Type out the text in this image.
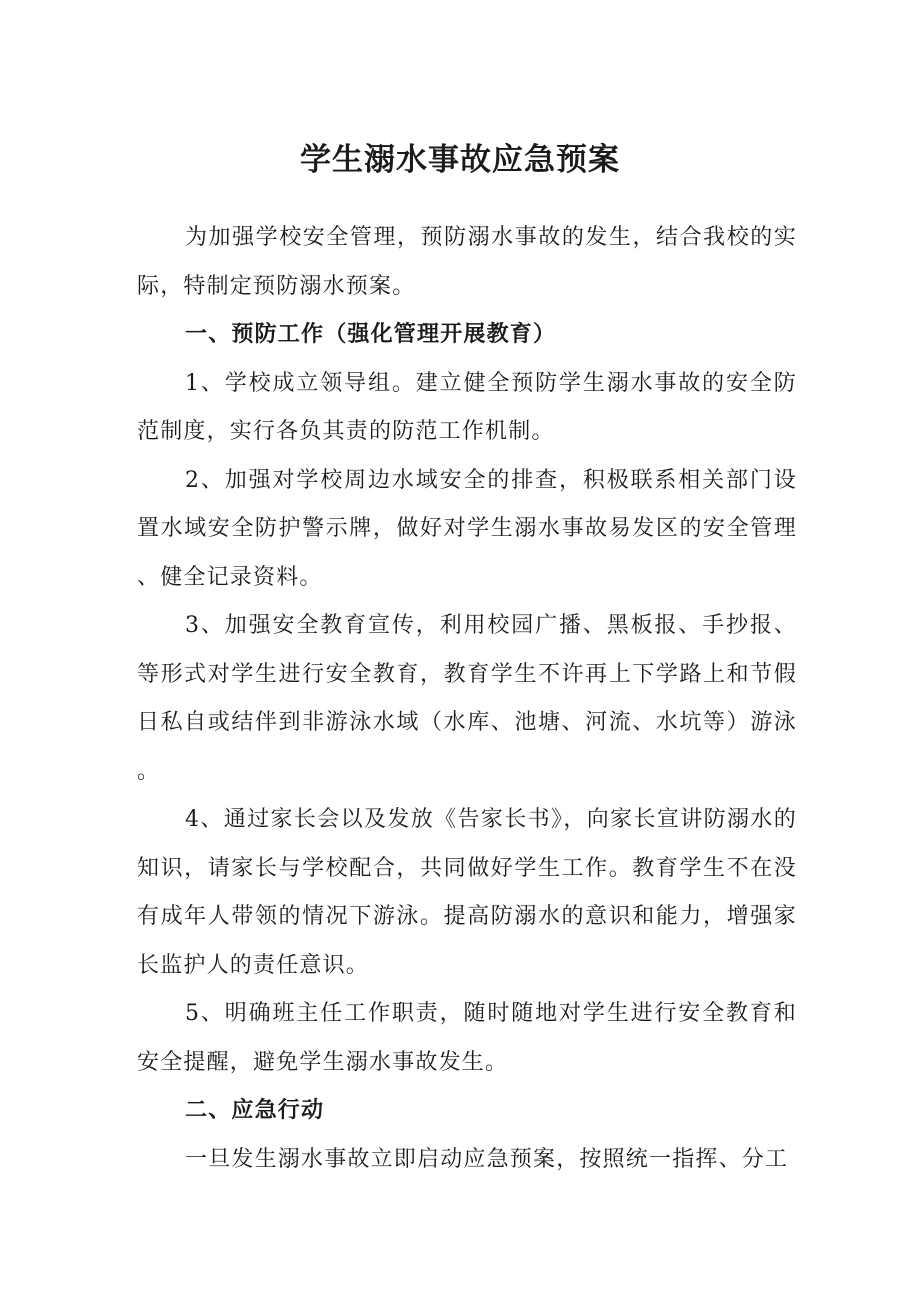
学生溺水事故应急预案

为加强学校安全管理，预防溺水事故的发生，结合我校的实际，特制定预防溺水预案。

一、预防工作（强化管理开展教育）

1、学校成立领导组。建立健全预防学生溺水事故的安全防范制度，实行各负其责的防范工作机制。

2、加强对学校周边水域安全的排查，积极联系相关部门设置水域安全防护警示牌，做好对学生溺水事故易发区的安全管理、健全记录资料。

3、加强安全教育宣传，利用校园广播、黑板报、手抄报、等形式对学生进行安全教育，教育学生不许再上下学路上和节假日私自或结伴到非游泳水域（水库、池塘、河流、水坑等）游泳。

4、通过家长会以及发放《告家长书》，向家长宣讲防溺水的知识，请家长与学校配合，共同做好学生工作。教育学生不在没有成年人带领的情况下游泳。提高防溺水的意识和能力，增强家长监护人的责任意识。

5、明确班主任工作职责，随时随地对学生进行安全教育和安全提醒，避免学生溺水事故发生。

二、应急行动

一旦发生溺水事故立即启动应急预案，按照统一指挥、分工
